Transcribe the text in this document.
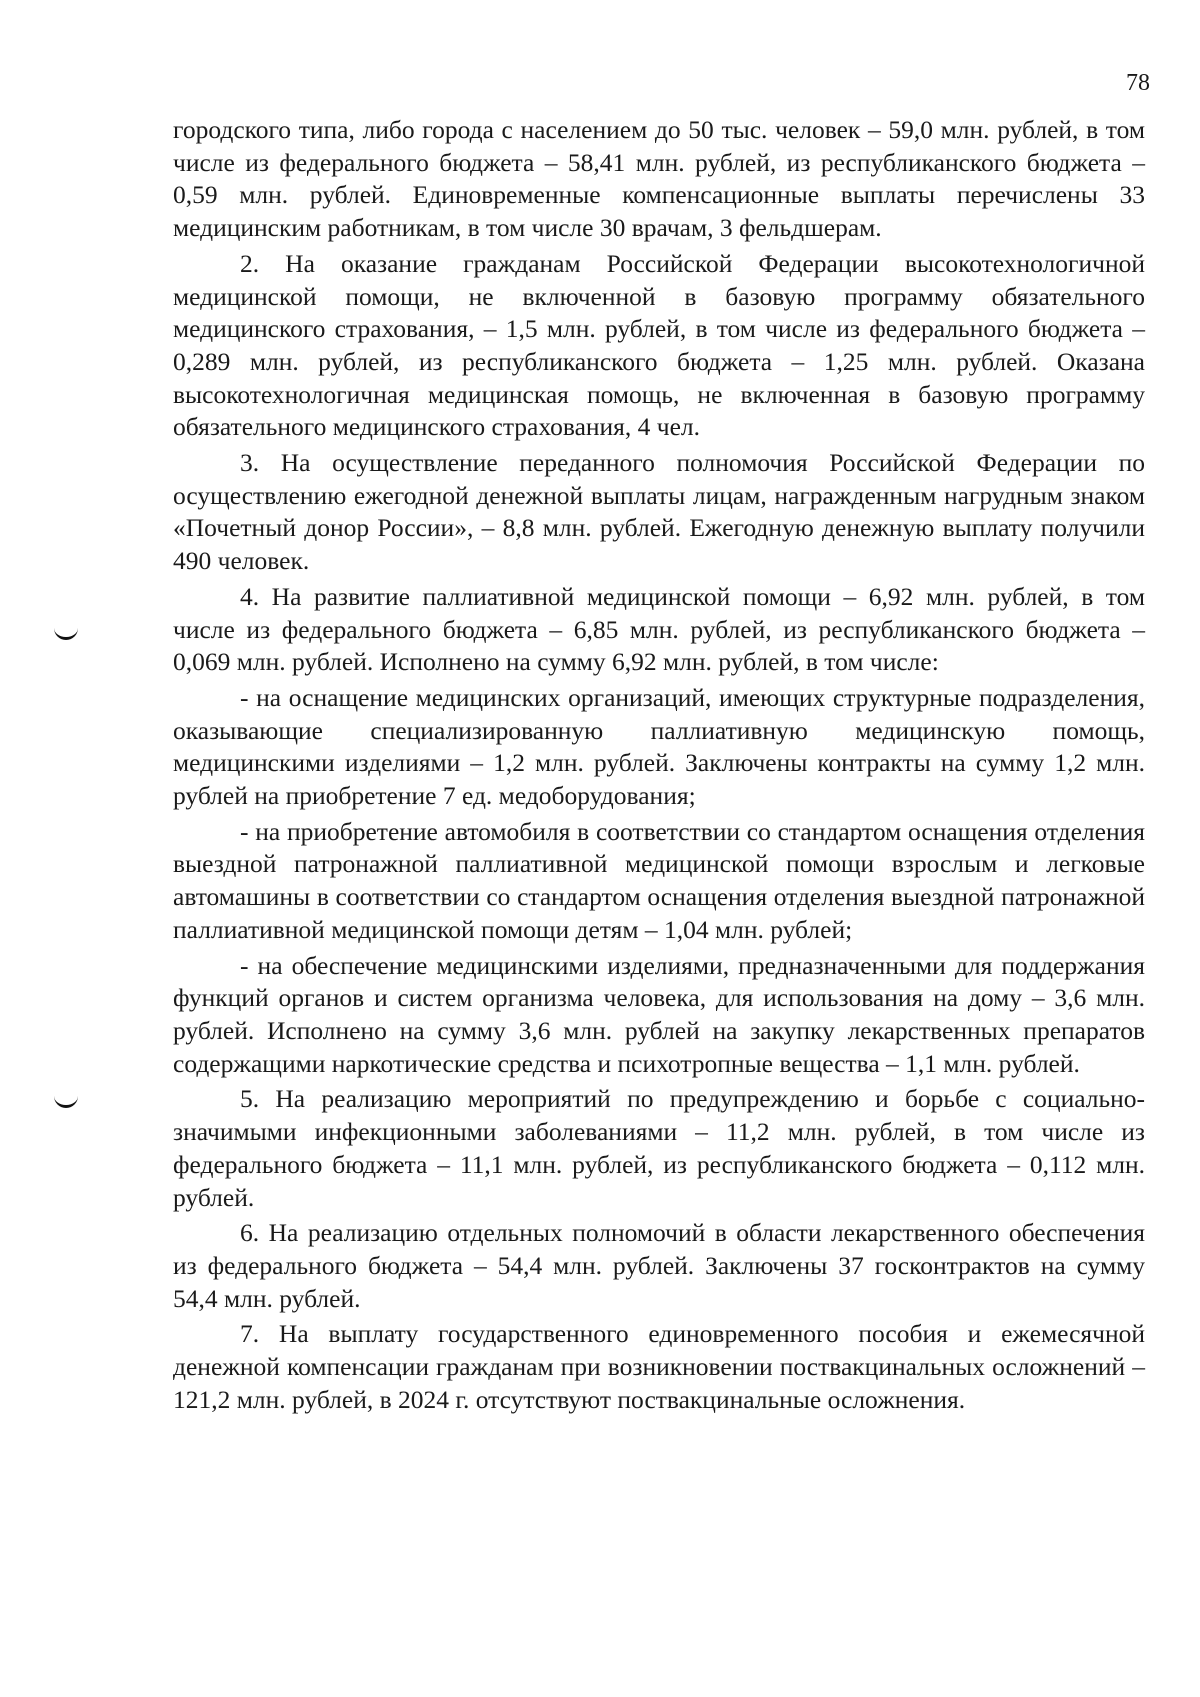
78

городского типа, либо города с населением до 50 тыс. человек – 59,0 млн. рублей, в том числе из федерального бюджета – 58,41 млн. рублей, из республиканского бюджета – 0,59 млн. рублей. Единовременные компенсационные выплаты перечислены 33 медицинским работникам, в том числе 30 врачам, 3 фельдшерам.

2. На оказание гражданам Российской Федерации высокотехнологичной медицинской помощи, не включенной в базовую программу обязательного медицинского страхования, – 1,5 млн. рублей, в том числе из федерального бюджета – 0,289 млн. рублей, из республиканского бюджета – 1,25 млн. рублей. Оказана высокотехнологичная медицинская помощь, не включенная в базовую программу обязательного медицинского страхования, 4 чел.

3. На осуществление переданного полномочия Российской Федерации по осуществлению ежегодной денежной выплаты лицам, награжденным нагрудным знаком «Почетный донор России», – 8,8 млн. рублей. Ежегодную денежную выплату получили 490 человек.

4. На развитие паллиативной медицинской помощи – 6,92 млн. рублей, в том числе из федерального бюджета – 6,85 млн. рублей, из республиканского бюджета – 0,069 млн. рублей. Исполнено на сумму 6,92 млн. рублей, в том числе:

- на оснащение медицинских организаций, имеющих структурные подразделения, оказывающие специализированную паллиативную медицинскую помощь, медицинскими изделиями – 1,2 млн. рублей. Заключены контракты на сумму 1,2 млн. рублей на приобретение 7 ед. медоборудования;

- на приобретение автомобиля в соответствии со стандартом оснащения отделения выездной патронажной паллиативной медицинской помощи взрослым и легковые автомашины в соответствии со стандартом оснащения отделения выездной патронажной паллиативной медицинской помощи детям – 1,04 млн. рублей;

- на обеспечение медицинскими изделиями, предназначенными для поддержания функций органов и систем организма человека, для использования на дому – 3,6 млн. рублей. Исполнено на сумму 3,6 млн. рублей на закупку лекарственных препаратов содержащими наркотические средства и психотропные вещества – 1,1 млн. рублей.

5. На реализацию мероприятий по предупреждению и борьбе с социально-значимыми инфекционными заболеваниями – 11,2 млн. рублей, в том числе из федерального бюджета – 11,1 млн. рублей, из республиканского бюджета – 0,112 млн. рублей.

6. На реализацию отдельных полномочий в области лекарственного обеспечения из федерального бюджета – 54,4 млн. рублей. Заключены 37 госконтрактов на сумму 54,4 млн. рублей.

7. На выплату государственного единовременного пособия и ежемесячной денежной компенсации гражданам при возникновении поствакцинальных осложнений – 121,2 млн. рублей, в 2024 г. отсутствуют поствакцинальные осложнения.
